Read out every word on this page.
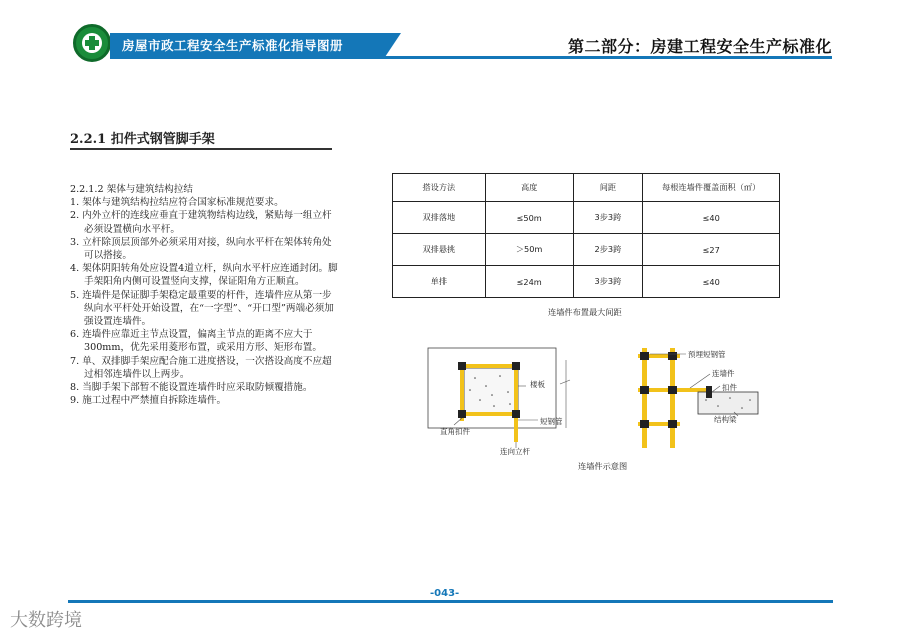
房屋市政工程安全生产标准化指导图册	第二部分：房建工程安全生产标准化
2.2.1 扣件式钢管脚手架
2.2.1.2 架体与建筑结构拉结
1. 架体与建筑结构拉结应符合国家标准规范要求。
2. 内外立杆的连线应垂直于建筑物结构边线，紧贴每一组立杆必须设置横向水平杆。
3. 立杆除顶层顶部外必须采用对接，纵向水平杆在架体转角处可以搭接。
4. 架体阴阳转角处应设置4道立杆，纵向水平杆应连通封闭。脚手架阳角内侧可设置竖向支撑，保证阳角方正顺直。
5. 连墙件是保证脚手架稳定最重要的杆件，连墙件应从第一步纵向水平杆处开始设置，在“一字型”、“开口型”两端必须加强设置连墙件。
6. 连墙件应靠近主节点设置，偏离主节点的距离不应大于300mm，优先采用菱形布置，或采用方形、矩形布置。
7. 单、双排脚手架应配合施工进度搭设，一次搭设高度不应超过相邻连墙件以上两步。
8. 当脚手架下部暂不能设置连墙件时应采取防倾覆措施。
9. 施工过程中严禁擅自拆除连墙件。
搭设方法	高度	间距	每根连墙件覆盖面积（㎡）
双排落地	≤50m	3步3跨	≤40
双排悬挑	＞50m	2步3跨	≤27
单排	≤24m	3步3跨	≤40
连墙件布置最大间距
楼板
短钢管
直角扣件
连向立杆
预埋短钢管
连墙件
扣件
结构梁
连墙件示意图
-043-
大数跨境
